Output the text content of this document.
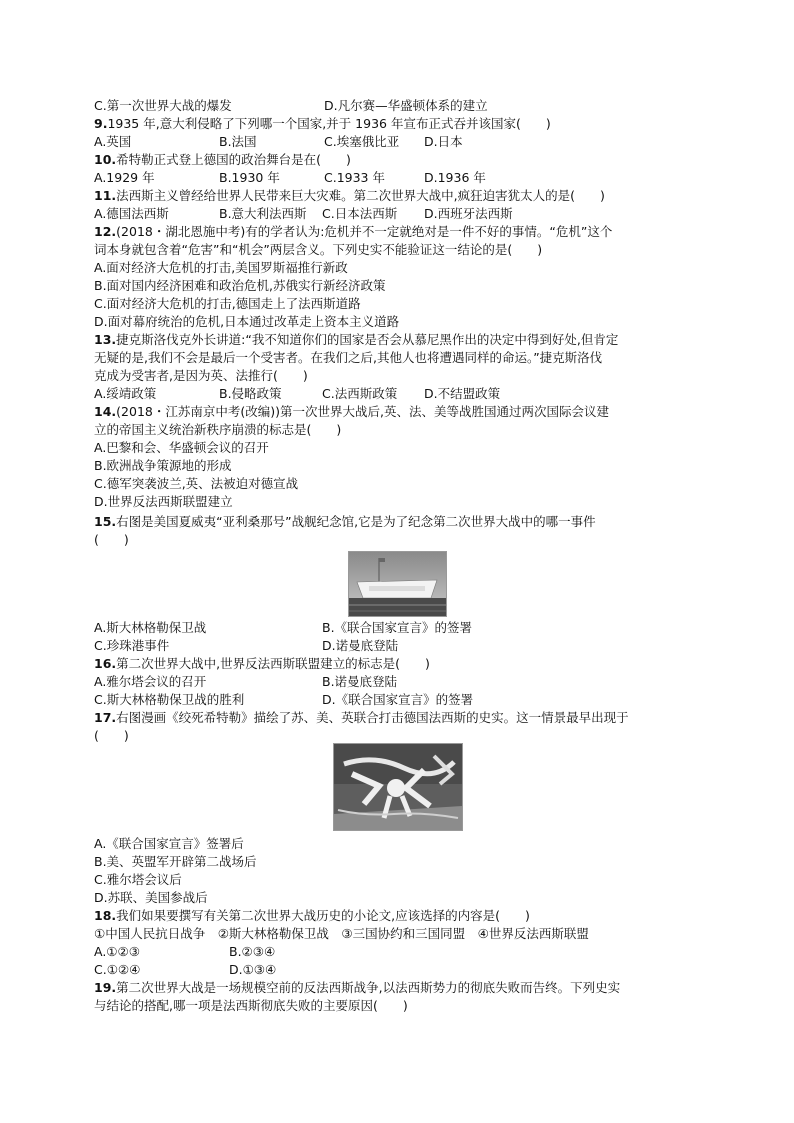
C.第一次世界大战的爆发	D.凡尔赛—华盛顿体系的建立
9.1935 年,意大利侵略了下列哪一个国家,并于 1936 年宣布正式吞并该国家(　　)
A.英国	B.法国	C.埃塞俄比亚 D.日本
10.希特勒正式登上德国的政治舞台是在(　　)
A.1929 年	B.1930 年	C.1933 年	D.1936 年
11.法西斯主义曾经给世界人民带来巨大灾难。第二次世界大战中,疯狂迫害犹太人的是(　　)
A.德国法西斯	B.意大利法西斯 C.日本法西斯 D.西班牙法西斯
12.(2018・湖北恩施中考)有的学者认为:危机并不一定就绝对是一件不好的事情。“危机”这个
词本身就包含着“危害”和“机会”两层含义。下列史实不能验证这一结论的是(　　)
A.面对经济大危机的打击,美国罗斯福推行新政
B.面对国内经济困难和政治危机,苏俄实行新经济政策
C.面对经济大危机的打击,德国走上了法西斯道路
D.面对幕府统治的危机,日本通过改革走上资本主义道路
13.捷克斯洛伐克外长讲道:“我不知道你们的国家是否会从慕尼黑作出的决定中得到好处,但肯定
无疑的是,我们不会是最后一个受害者。在我们之后,其他人也将遭遇同样的命运。”捷克斯洛伐
克成为受害者,是因为英、法推行(　　)
A.绥靖政策	B.侵略政策	C.法西斯政策 D.不结盟政策
14.(2018・江苏南京中考(改编))第一次世界大战后,英、法、美等战胜国通过两次国际会议建
立的帝国主义统治新秩序崩溃的标志是(　　)
A.巴黎和会、华盛顿会议的召开
B.欧洲战争策源地的形成
C.德军突袭波兰,英、法被迫对德宣战
D.世界反法西斯联盟建立
15.右图是美国夏威夷“亚利桑那号”战舰纪念馆,它是为了纪念第二次世界大战中的哪一事件
(　　)
A.斯大林格勒保卫战	B.《联合国家宣言》的签署
C.珍珠港事件	D.诺曼底登陆
16.第二次世界大战中,世界反法西斯联盟建立的标志是(　　)
A.雅尔塔会议的召开	B.诺曼底登陆
C.斯大林格勒保卫战的胜利	D.《联合国家宣言》的签署
17.右图漫画《绞死希特勒》描绘了苏、美、英联合打击德国法西斯的史实。这一情景最早出现于
(　　)
A.《联合国家宣言》签署后
B.美、英盟军开辟第二战场后
C.雅尔塔会议后
D.苏联、美国参战后
18.我们如果要撰写有关第二次世界大战历史的小论文,应该选择的内容是(　　)
①中国人民抗日战争　②斯大林格勒保卫战　③三国协约和三国同盟　④世界反法西斯联盟
A.①②③	B.②③④
C.①②④	D.①③④
19.第二次世界大战是一场规模空前的反法西斯战争,以法西斯势力的彻底失败而告终。下列史实
与结论的搭配,哪一项是法西斯彻底失败的主要原因(　　)
